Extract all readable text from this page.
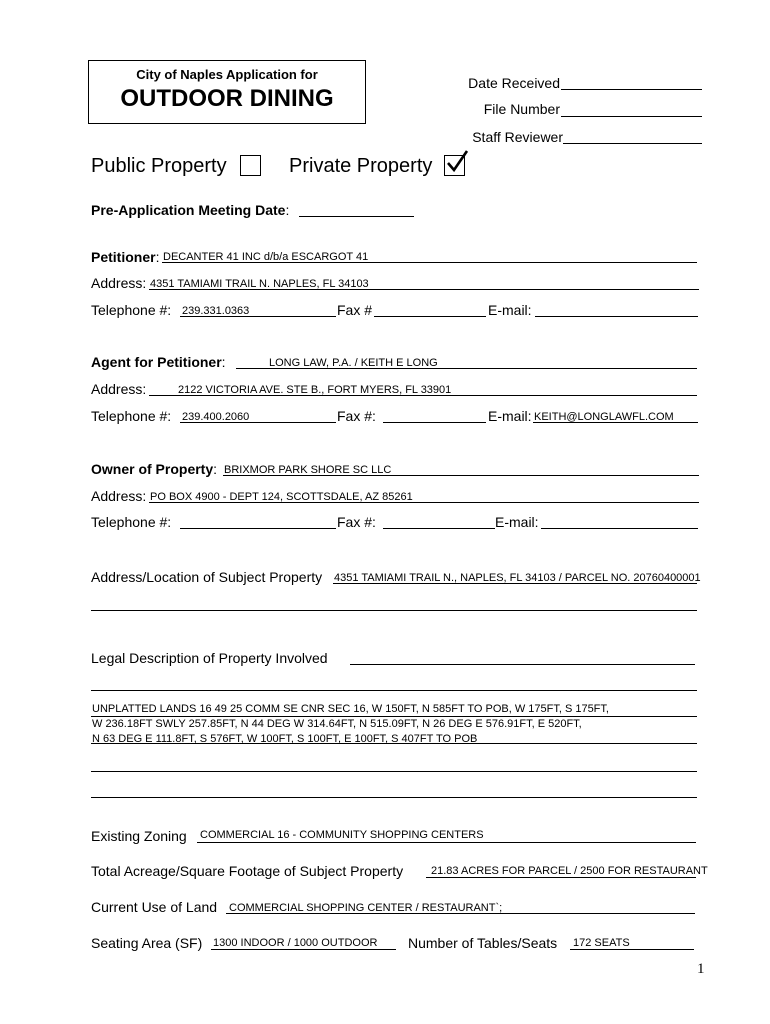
City of Naples Application for
OUTDOOR DINING
Date Received
File Number
Staff Reviewer
Public Property	Private Property
Pre-Application Meeting Date:
Petitioner: DECANTER 41 INC d/b/a ESCARGOT 41
Address: 4351 TAMIAMI TRAIL N. NAPLES, FL 34103
Telephone #: 239.331.0363	Fax #	E-mail:
Agent for Petitioner:	LONG LAW, P.A. / KEITH E LONG
Address:	2122 VICTORIA AVE. STE B., FORT MYERS, FL 33901
Telephone #: 239.400.2060	Fax #:	E-mail: KEITH@LONGLAWFL.COM
Owner of Property: BRIXMOR PARK SHORE SC LLC
Address: PO BOX 4900 - DEPT 124, SCOTTSDALE, AZ 85261
Telephone #:	Fax #:	E-mail:
Address/Location of Subject Property 4351 TAMIAMI TRAIL N., NAPLES, FL 34103 / PARCEL NO. 20760400001
Legal Description of Property Involved
UNPLATTED LANDS 16 49 25 COMM SE CNR SEC 16, W 150FT, N 585FT TO POB, W 175FT, S 175FT,
W 236.18FT SWLY 257.85FT, N 44 DEG W 314.64FT, N 515.09FT, N 26 DEG E 576.91FT, E 520FT,
N 63 DEG E 111.8FT, S 576FT, W 100FT, S 100FT, E 100FT, S 407FT TO POB
Existing Zoning COMMERCIAL 16 - COMMUNITY SHOPPING CENTERS
Total Acreage/Square Footage of Subject Property	21.83 ACRES FOR PARCEL / 2500 FOR RESTAURANT
Current Use of Land COMMERCIAL SHOPPING CENTER / RESTAURANT`;
Seating Area (SF) 1300 INDOOR / 1000 OUTDOOR Number of Tables/Seats 172 SEATS
1
